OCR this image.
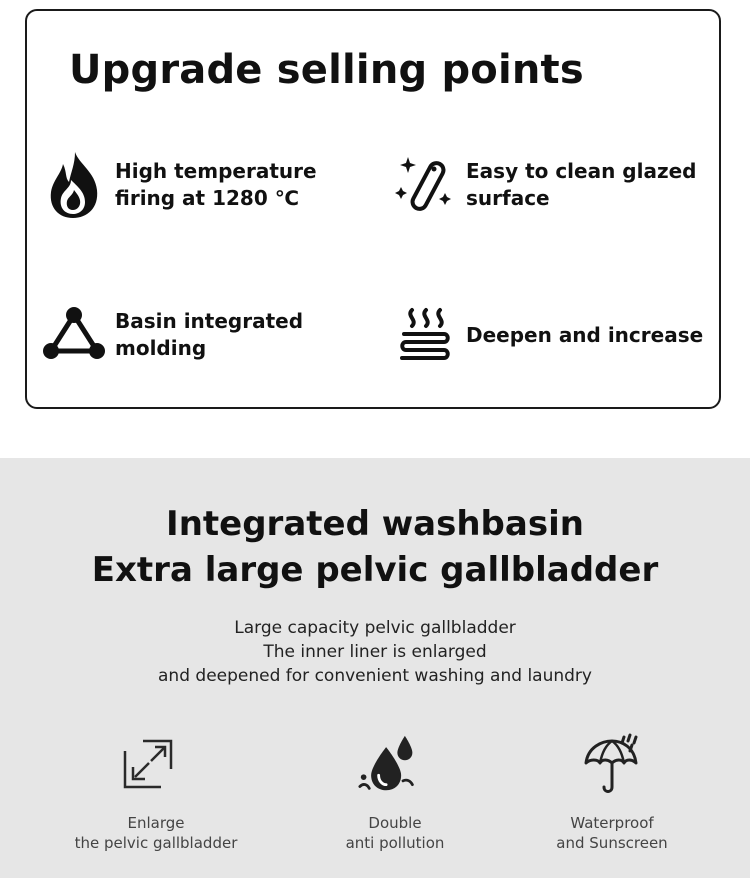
Upgrade selling points
High temperature
firing at 1280 ℃
Easy to clean glazed
surface
Basin integrated
molding
Deepen and increase
Integrated washbasin
Extra large pelvic gallbladder

Large capacity pelvic gallbladder

The inner liner is enlarged

and deepened for convenient washing and laundry

Enlarge
the pelvic gallbladder
Double
anti pollution
Waterproof
and Sunscreen
